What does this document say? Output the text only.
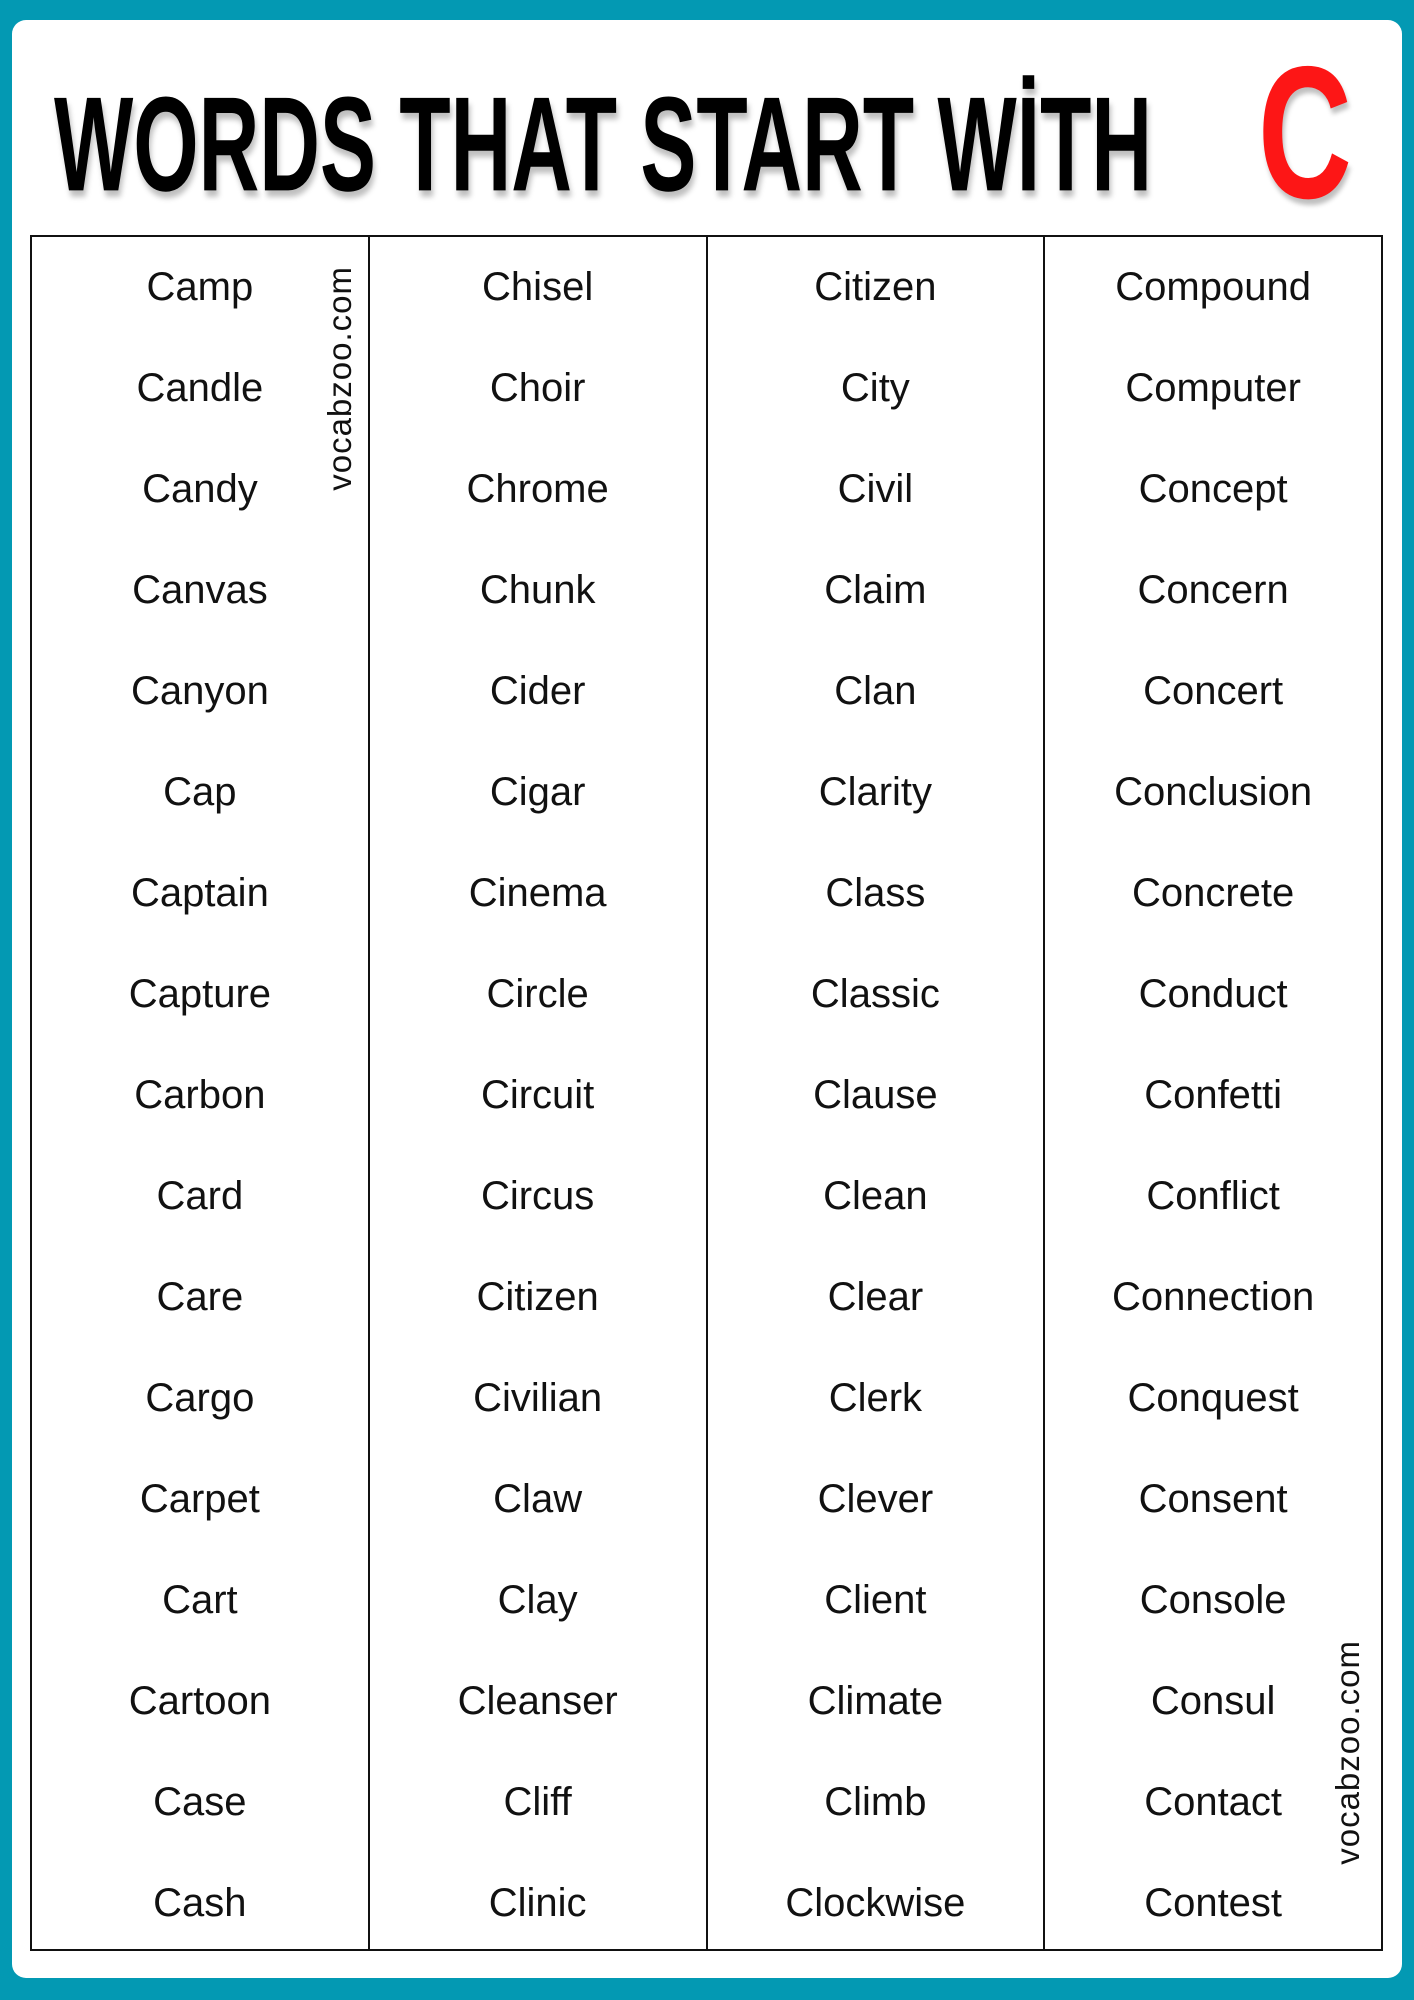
WORDS THAT START WİTH C
Camp
Candle
Candy
Canvas
Canyon
Cap
Captain
Capture
Carbon
Card
Care
Cargo
Carpet
Cart
Cartoon
Case
Cash
Chisel
Choir
Chrome
Chunk
Cider
Cigar
Cinema
Circle
Circuit
Circus
Citizen
Civilian
Claw
Clay
Cleanser
Cliff
Clinic
Citizen
City
Civil
Claim
Clan
Clarity
Class
Classic
Clause
Clean
Clear
Clerk
Clever
Client
Climate
Climb
Clockwise
Compound
Computer
Concept
Concern
Concert
Conclusion
Concrete
Conduct
Confetti
Conflict
Connection
Conquest
Consent
Console
Consul
Contact
Contest
vocabzoo.com
vocabzoo.com
